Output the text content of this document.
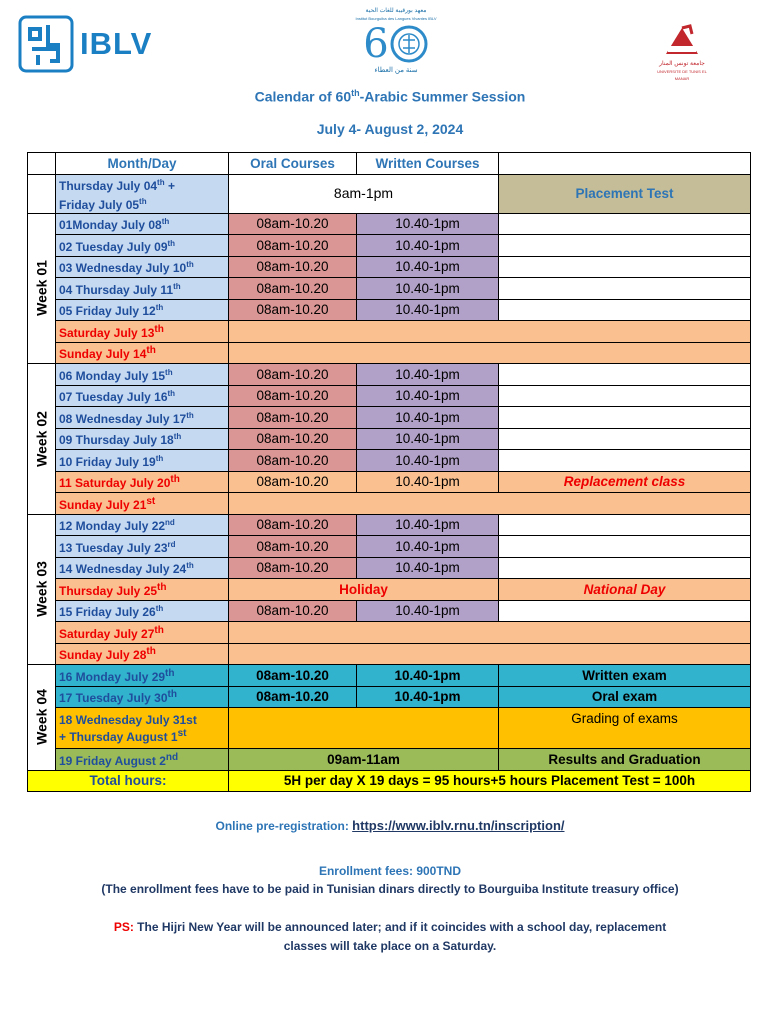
IBLV
معهد بورقيبة للغات الحية
Institut Bourguiba des Langues Vivantes IBLV
6
سنة من العطاء
جامعة تونس المنار
UNIVERSITE DE TUNIS EL MANAR
Calendar of 60th-Arabic Summer Session
July 4- August 2, 2024
	Month/Day	Oral Courses	Written Courses	
	Thursday July 04th +
Friday July 05th	8am-1pm		Placement Test

Week 01	01Monday July 08th	08am-10.20	10.40-1pm	
	02 Tuesday July 09th	08am-10.20	10.40-1pm	
	03 Wednesday July 10th	08am-10.20	10.40-1pm	
	04 Thursday July 11th	08am-10.20	10.40-1pm	
	05 Friday July 12th	08am-10.20	10.40-1pm	
	Saturday July 13th	
	Sunday July 14th	

Week 02	06 Monday July 15th	08am-10.20	10.40-1pm	
	07 Tuesday July 16th	08am-10.20	10.40-1pm	
	08 Wednesday July 17th	08am-10.20	10.40-1pm	
	09 Thursday July 18th	08am-10.20	10.40-1pm	
	10 Friday July 19th	08am-10.20	10.40-1pm	
	11 Saturday July 20th	08am-10.20	10.40-1pm	Replacement class
	Sunday July 21st	

Week 03	12 Monday July 22nd	08am-10.20	10.40-1pm	
	13 Tuesday July 23rd	08am-10.20	10.40-1pm	
	14 Wednesday July 24th	08am-10.20	10.40-1pm	
	Thursday July 25th	Holiday		National Day
	15 Friday July 26th	08am-10.20	10.40-1pm	
	Saturday July 27th	
	Sunday July 28th	

Week 04	16 Monday July 29th	08am-10.20	10.40-1pm	Written exam
	17 Tuesday July 30th	08am-10.20	10.40-1pm	Oral exam
	18 Wednesday July 31st
+ Thursday August 1st			Grading of exams
	19 Friday August 2nd	09am-11am		Results and Graduation
Total hours:		5H per day X 19 days = 95 hours+5 hours Placement Test = 100h		
Online pre-registration: https://www.iblv.rnu.tn/inscription/
Enrollment fees: 900TND
(The enrollment fees have to be paid in Tunisian dinars directly to Bourguiba Institute treasury office)
PS: The Hijri New Year will be announced later; and if it coincides with a school day, replacement
classes will take place on a Saturday.
